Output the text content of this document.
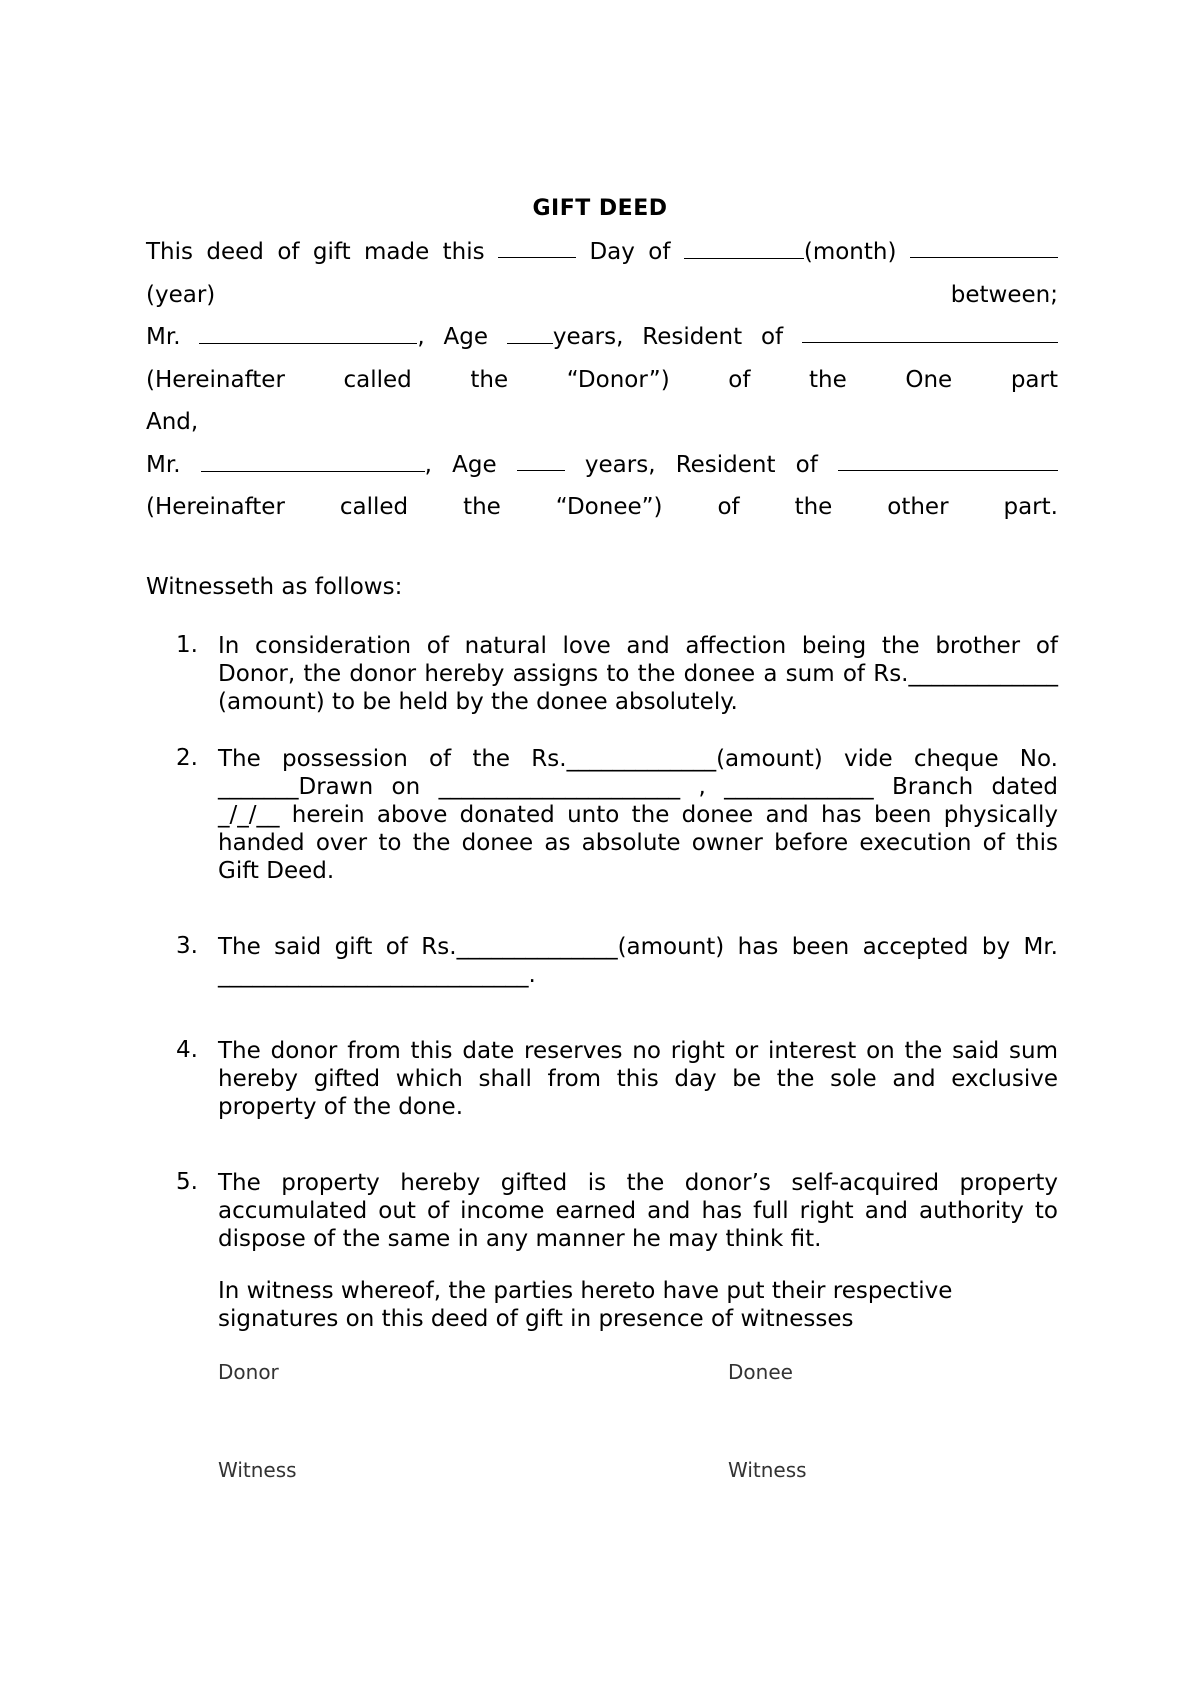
GIFT DEED
This deed of gift made this	Day of	(month)
(year)	between;
Mr.	, Age	years, Resident of
(Hereinafter	called	the	“Donor”)	of	the	One	part
And,
Mr.	, Age	years, Resident of
(Hereinafter called the “Donee”) of the other part.
Witnesseth as follows:
1. In consideration of natural love and affection being the brother of Donor, the donor hereby assigns to the donee a sum of Rs._____________ (amount) to be held by the donee absolutely.
2. The possession of the Rs._____________(amount) vide cheque No. _______Drawn on _____________________ , _____________ Branch dated _/_/__ herein above donated unto the donee and has been physically handed over to the donee as absolute owner before execution of this Gift Deed.
3. The said gift of Rs.______________(amount) has been accepted by Mr. ___________________________.
4. The donor from this date reserves no right or interest on the said sum hereby gifted which shall from this day be the sole and exclusive property of the done.
5. The property hereby gifted is the donor’s self-acquired property accumulated out of income earned and has full right and authority to dispose of the same in any manner he may think fit.
In witness whereof, the parties hereto have put their respective signatures on this deed of gift in presence of witnesses
Donor	Donee
Witness	Witness
